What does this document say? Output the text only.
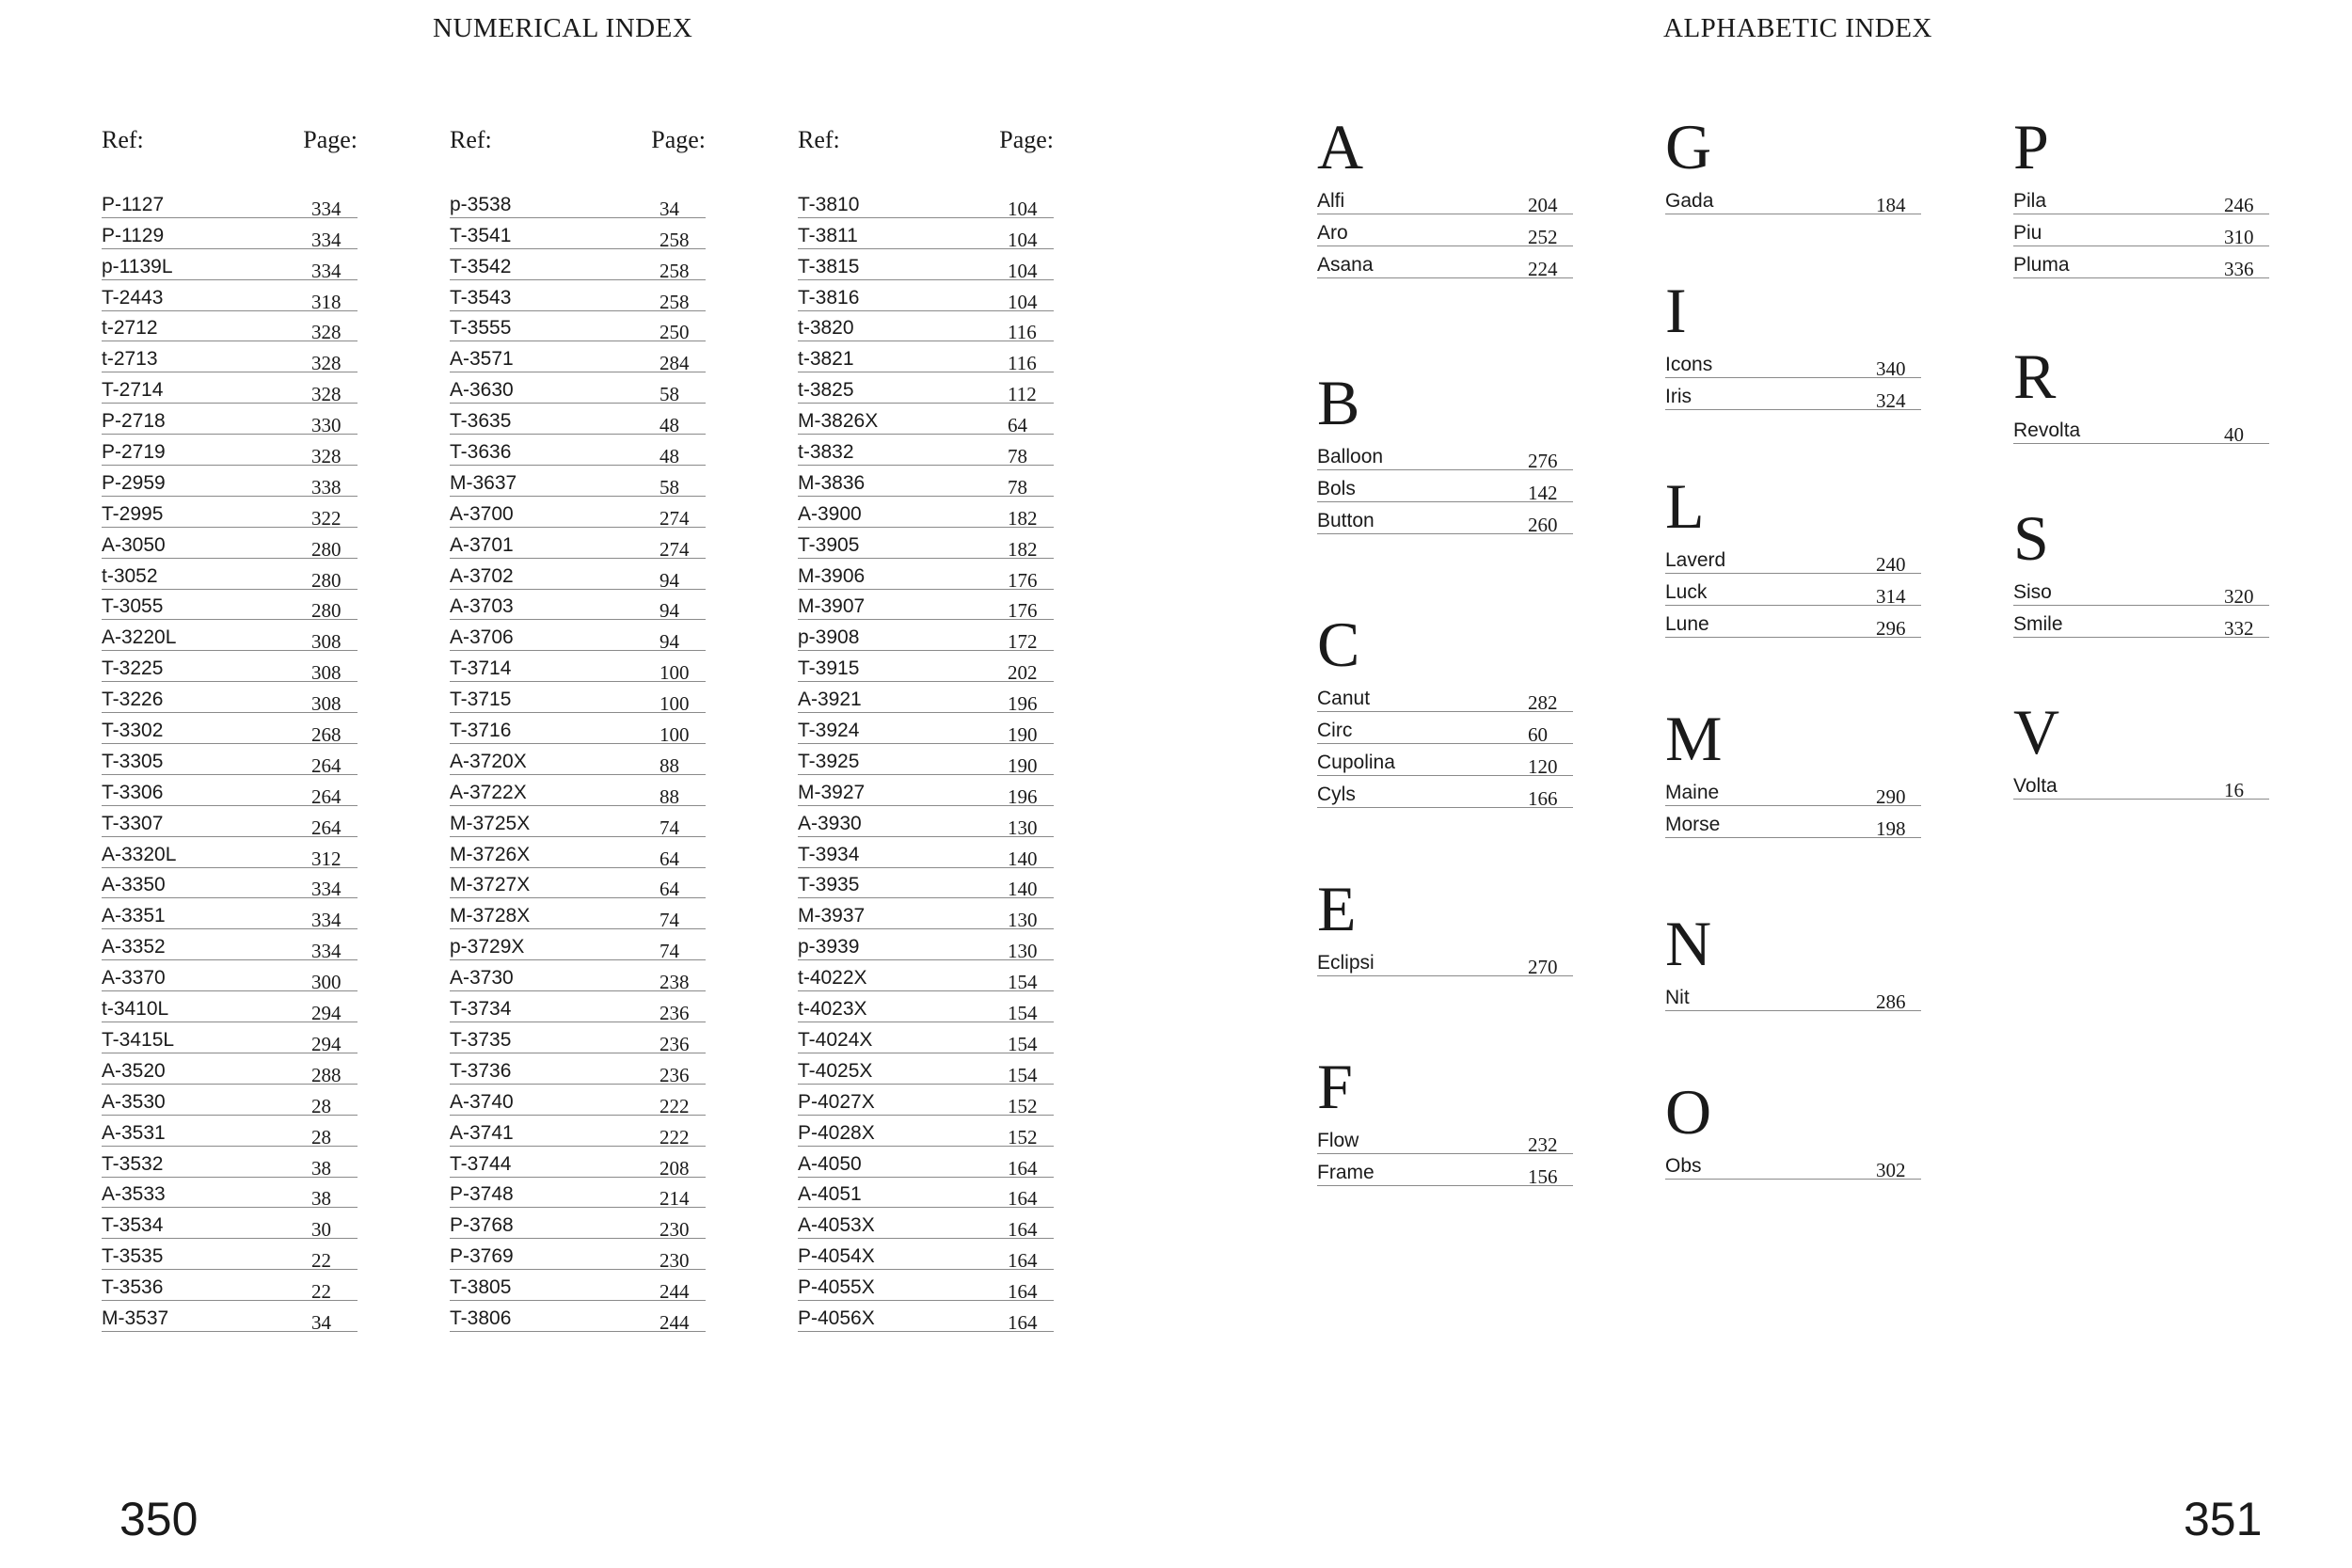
NUMERICAL INDEX	ALPHABETIC INDEX
Ref:	Page:
P-1127	334
P-1129	334
p-1139L	334
T-2443	318
t-2712	328
t-2713	328
T-2714	328
P-2718	330
P-2719	328
P-2959	338
T-2995	322
A-3050	280
t-3052	280
T-3055	280
A-3220L	308
T-3225	308
T-3226	308
T-3302	268
T-3305	264
T-3306	264
T-3307	264
A-3320L	312
A-3350	334
A-3351	334
A-3352	334
A-3370	300
t-3410L	294
T-3415L	294
A-3520	288
A-3530	28
A-3531	28
T-3532	38
A-3533	38
T-3534	30
T-3535	22
T-3536	22
M-3537	34
Ref:	Page:
p-3538	34
T-3541	258
T-3542	258
T-3543	258
T-3555	250
A-3571	284
A-3630	58
T-3635	48
T-3636	48
M-3637	58
A-3700	274
A-3701	274
A-3702	94
A-3703	94
A-3706	94
T-3714	100
T-3715	100
T-3716	100
A-3720X	88
A-3722X	88
M-3725X	74
M-3726X	64
M-3727X	64
M-3728X	74
p-3729X	74
A-3730	238
T-3734	236
T-3735	236
T-3736	236
A-3740	222
A-3741	222
T-3744	208
P-3748	214
P-3768	230
P-3769	230
T-3805	244
T-3806	244
Ref:	Page:
T-3810	104
T-3811	104
T-3815	104
T-3816	104
t-3820	116
t-3821	116
t-3825	112
M-3826X	64
t-3832	78
M-3836	78
A-3900	182
T-3905	182
M-3906	176
M-3907	176
p-3908	172
T-3915	202
A-3921	196
T-3924	190
T-3925	190
M-3927	196
A-3930	130
T-3934	140
T-3935	140
M-3937	130
p-3939	130
t-4022X	154
t-4023X	154
T-4024X	154
T-4025X	154
P-4027X	152
P-4028X	152
A-4050	164
A-4051	164
A-4053X	164
P-4054X	164
P-4055X	164
P-4056X	164
A
Alfi	204
Aro	252
Asana	224
B
Balloon	276
Bols	142
Button	260
C
Canut	282
Circ	60
Cupolina	120
Cyls	166
E
Eclipsi	270
F
Flow	232
Frame	156
G
Gada	184
I
Icons	340
Iris	324
L
Laverd	240
Luck	314
Lune	296
M
Maine	290
Morse	198
N
Nit	286
O
Obs	302
P
Pila	246
Piu	310
Pluma	336
R
Revolta	40
S
Siso	320
Smile	332
V
Volta	16
350	351
